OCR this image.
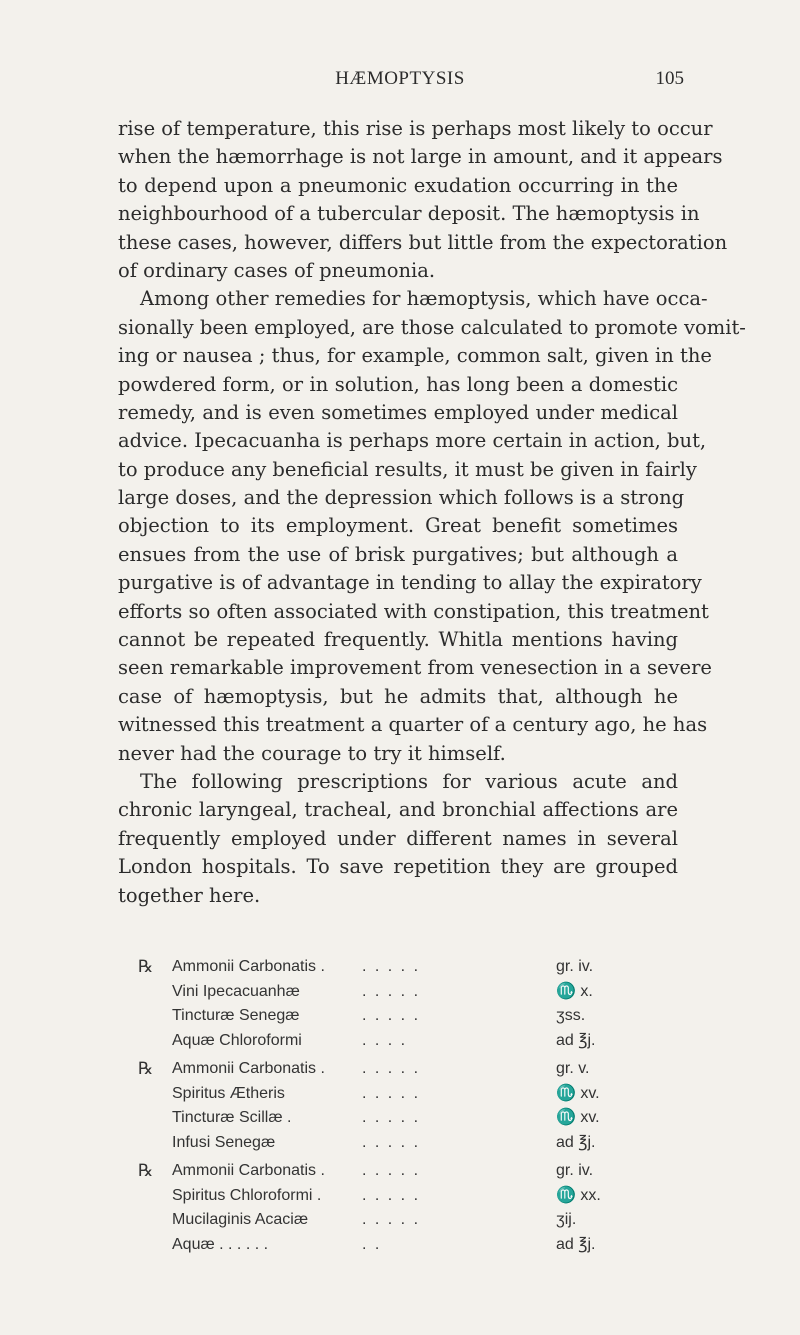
HÆMOPTYSIS	105
rise of temperature, this rise is perhaps most likely to occur
when the hæmorrhage is not large in amount, and it appears
to depend upon a pneumonic exudation occurring in the
neighbourhood of a tubercular deposit. The hæmoptysis in
these cases, however, differs but little from the expectoration
of ordinary cases of pneumonia.
Among other remedies for hæmoptysis, which have occa-
sionally been employed, are those calculated to promote vomit-
ing or nausea ; thus, for example, common salt, given in the
powdered form, or in solution, has long been a domestic
remedy, and is even sometimes employed under medical
advice. Ipecacuanha is perhaps more certain in action, but,
to produce any beneficial results, it must be given in fairly
large doses, and the depression which follows is a strong
objection to its employment. Great benefit sometimes
ensues from the use of brisk purgatives; but although a
purgative is of advantage in tending to allay the expiratory
efforts so often associated with constipation, this treatment
cannot be repeated frequently. Whitla mentions having
seen remarkable improvement from venesection in a severe
case of hæmoptysis, but he admits that, although he
witnessed this treatment a quarter of a century ago, he has
never had the courage to try it himself.
The following prescriptions for various acute and
chronic laryngeal, tracheal, and bronchial affections are
frequently employed under different names in several
London hospitals. To save repetition they are grouped
together here.
℞ Ammonii Carbonatis .	. . . . .	gr. iv.
Vini Ipecacuanhæ	. . . . .	♏ x.
Tincturæ Senegæ	. . . . .	ʒss.
Aquæ Chloroformi	. . . .	ad ℥j.
℞ Ammonii Carbonatis .	. . . . .	gr. v.
Spiritus Ætheris	. . . . .	♏ xv.
Tincturæ Scillæ .	. . . . .	♏ xv.
Infusi Senegæ	. . . . .	ad ℥j.
℞ Ammonii Carbonatis .	. . . . .	gr. iv.
Spiritus Chloroformi .	. . . . .	♏ xx.
Mucilaginis Acaciæ	. . . . .	ʒij.
Aquæ . . . . . .	. .	ad ℥j.
